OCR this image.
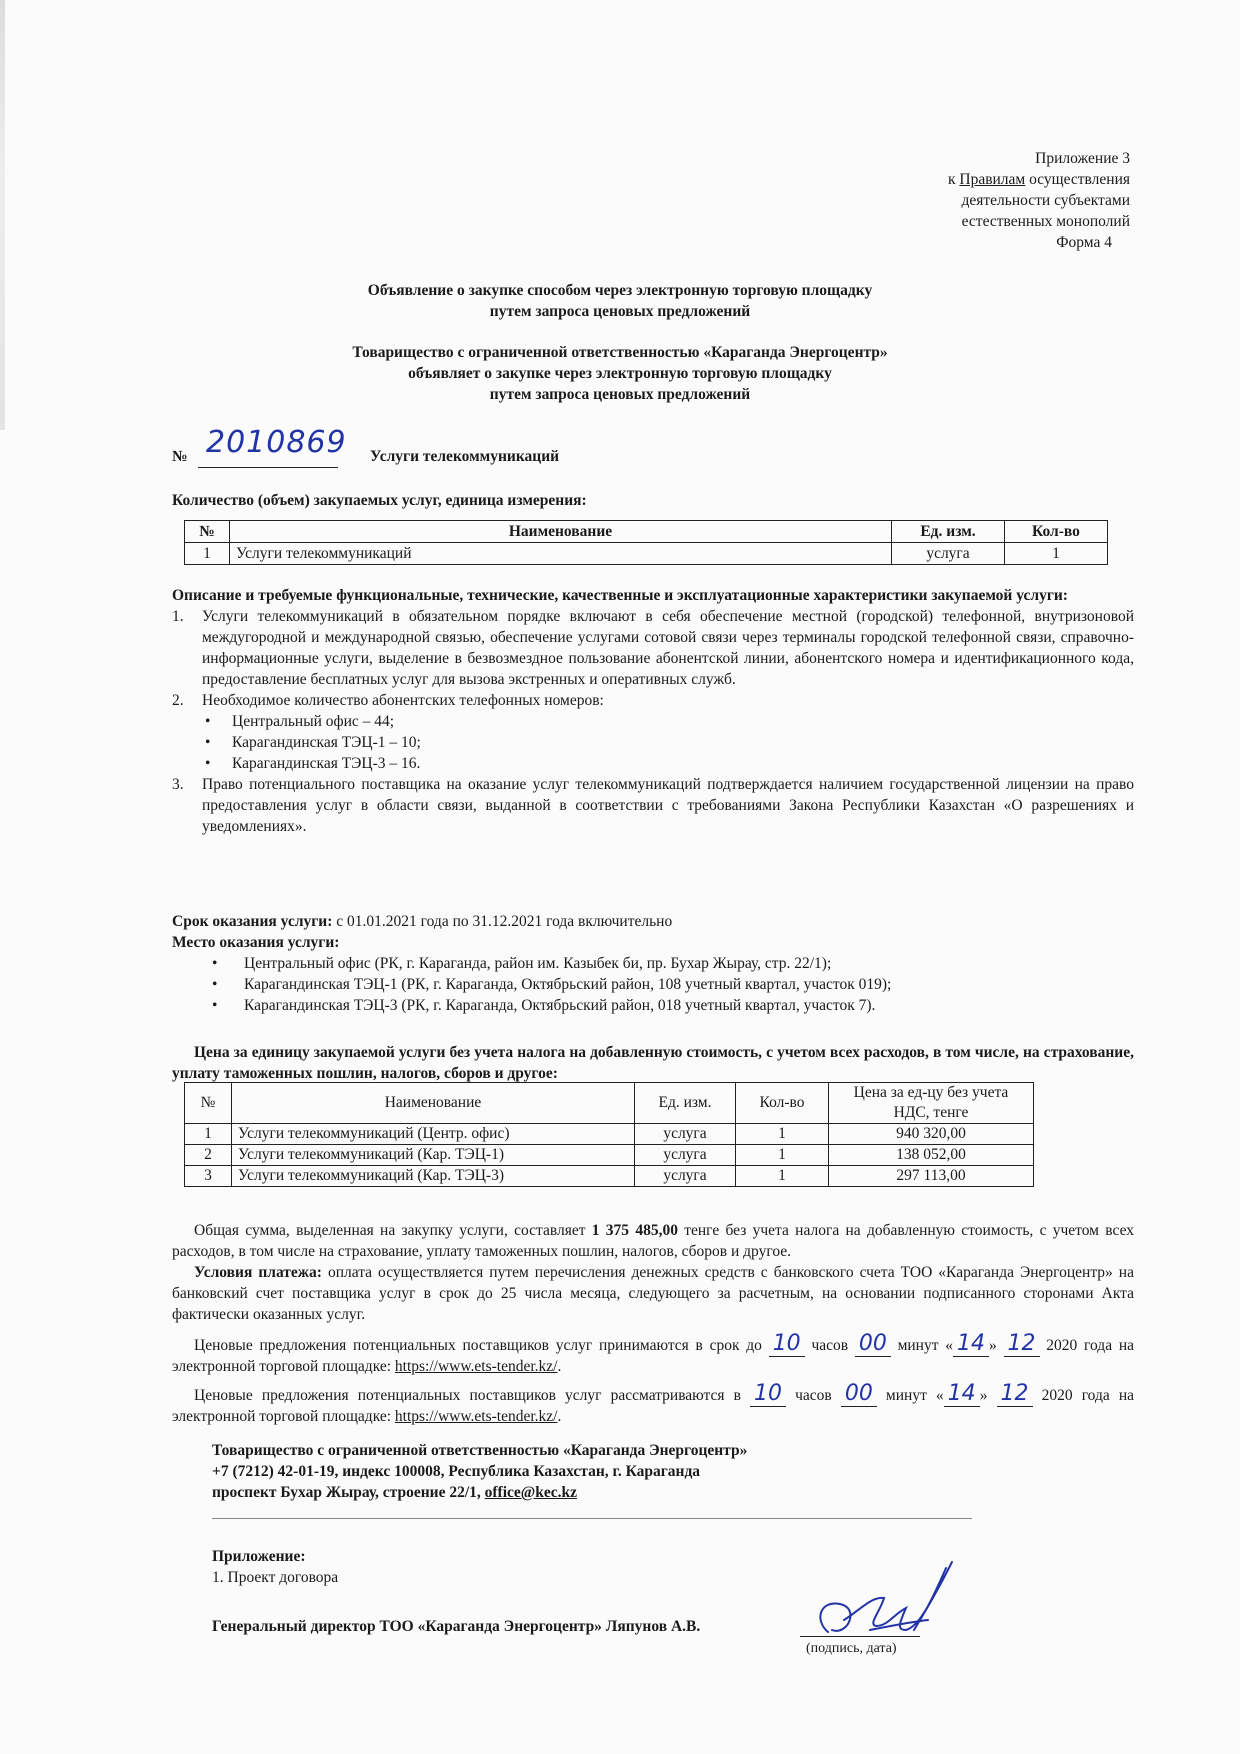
Приложение 3
к Правилам осуществления
деятельности субъектами
естественных монополий
Форма 4
Объявление о закупке способом через электронную торговую площадку
путем запроса ценовых предложений
Товарищество с ограниченной ответственностью «Караганда Энергоцентр»
объявляет о закупке через электронную торговую площадку
путем запроса ценовых предложений
№ 2010869 Услуги телекоммуникаций
Количество (объем) закупаемых услуг, единица измерения:
№	Наименование	Ед. изм.	Кол-во
1	Услуги телекоммуникаций	услуга	1
Описание и требуемые функциональные, технические, качественные и эксплуатационные характеристики закупаемой услуги:
1. Услуги телекоммуникаций в обязательном порядке включают в себя обеспечение местной (городской) телефонной, внутризоновой междугородной и международной связью, обеспечение услугами сотовой связи через терминалы городской телефонной связи, справочно-информационные услуги, выделение в безвозмездное пользование абонентской линии, абонентского номера и идентификационного кода, предоставление бесплатных услуг для вызова экстренных и оперативных служб.
2. Необходимое количество абонентских телефонных номеров:
• Центральный офис – 44;
• Карагандинская ТЭЦ-1 – 10;
• Карагандинская ТЭЦ-3 – 16.
3. Право потенциального поставщика на оказание услуг телекоммуникаций подтверждается наличием государственной лицензии на право предоставления услуг в области связи, выданной в соответствии с требованиями Закона Республики Казахстан «О разрешениях и уведомлениях».
Срок оказания услуги: с 01.01.2021 года по 31.12.2021 года включительно
Место оказания услуги:
• Центральный офис (РК, г. Караганда, район им. Казыбек би, пр. Бухар Жырау, стр. 22/1);
• Карагандинская ТЭЦ-1 (РК, г. Караганда, Октябрьский район, 108 учетный квартал, участок 019);
• Карагандинская ТЭЦ-3 (РК, г. Караганда, Октябрьский район, 018 учетный квартал, участок 7).
Цена за единицу закупаемой услуги без учета налога на добавленную стоимость, с учетом всех расходов, в том числе, на страхование, уплату таможенных пошлин, налогов, сборов и другое:
№	Наименование	Ед. изм.	Кол-во	Цена за ед-цу без учета НДС, тенге
1	Услуги телекоммуникаций (Центр. офис)	услуга	1	940 320,00
2	Услуги телекоммуникаций (Кар. ТЭЦ-1)	услуга	1	138 052,00
3	Услуги телекоммуникаций (Кар. ТЭЦ-3)	услуга	1	297 113,00

Общая сумма, выделенная на закупку услуги, составляет 1 375 485,00 тенге без учета налога на добавленную стоимость, с учетом всех расходов, в том числе на страхование, уплату таможенных пошлин, налогов, сборов и другое.

Условия платежа: оплата осуществляется путем перечисления денежных средств с банковского счета ТОО «Караганда Энергоцентр» на банковский счет поставщика услуг в срок до 25 числа месяца, следующего за расчетным, на основании подписанного сторонами Акта фактически оказанных услуг.

Ценовые предложения потенциальных поставщиков услуг принимаются в срок до 10 часов 00 минут « 14 » 12 2020 года на электронной торговой площадке: https://www.ets-tender.kz/.

Ценовые предложения потенциальных поставщиков услуг рассматриваются в 10 часов 00 минут « 14 » 12 2020 года на электронной торговой площадке: https://www.ets-tender.kz/.

Товарищество с ограниченной ответственностью «Караганда Энергоцентр»
+7 (7212) 42-01-19, индекс 100008, Республика Казахстан, г. Караганда
проспект Бухар Жырау, строение 22/1, office@kec.kz
Приложение:
1. Проект договора
Генеральный директор ТОО «Караганда Энергоцентр» Ляпунов А.В.
(подпись, дата)
